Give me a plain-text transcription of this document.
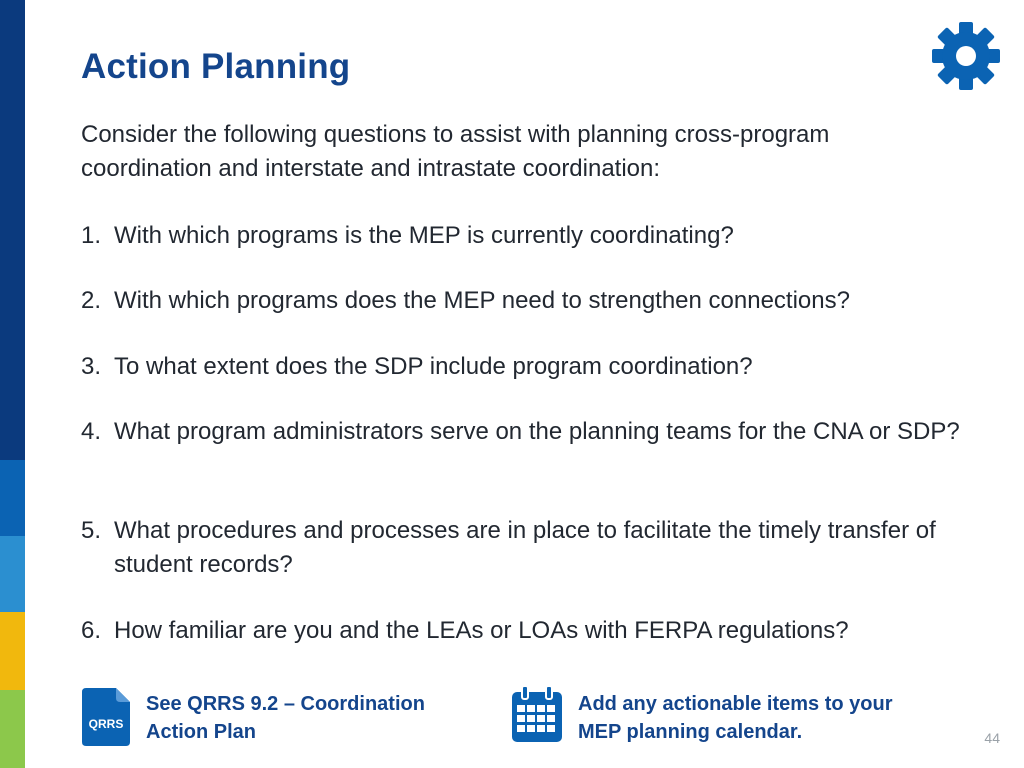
Action Planning

Consider the following questions to assist with planning cross-program coordination and interstate and intrastate coordination:

1. With which programs is the MEP is currently coordinating?
2. With which programs does the MEP need to strengthen connections?
3. To what extent does the SDP include program coordination?
4. What program administrators serve on the planning teams for the CNA or SDP?
5. What procedures and processes are in place to facilitate the timely transfer of student records?
6. How familiar are you and the LEAs or LOAs with FERPA regulations?
QRRS
See QRRS 9.2 – Coordination Action Plan
Add any actionable items to your MEP planning calendar.	44
